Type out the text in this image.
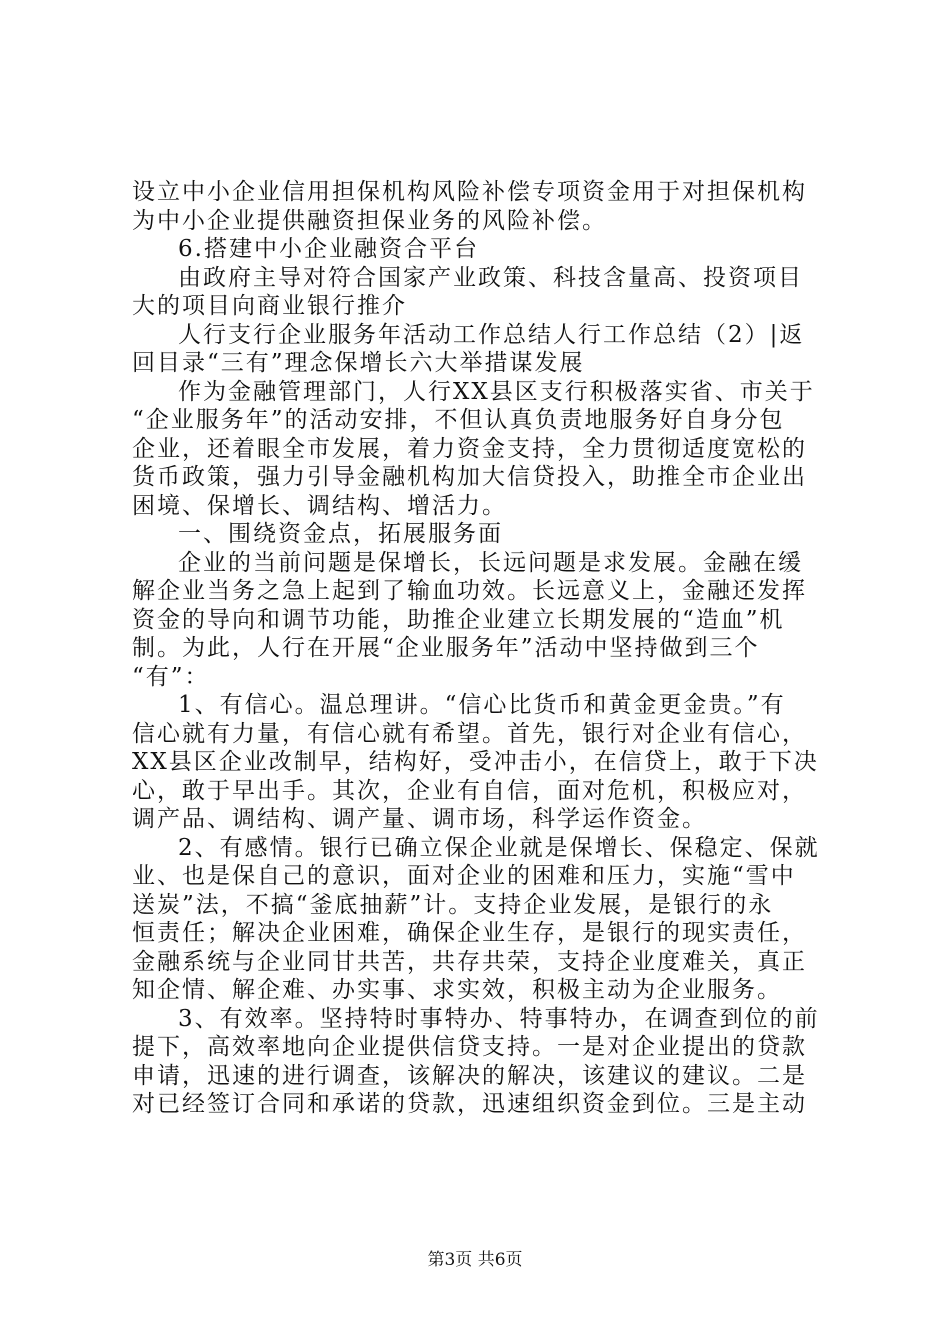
设立中小企业信用担保机构风险补偿专项资金用于对担保机构
为中小企业提供融资担保业务的风险补偿。
6.搭建中小企业融资合平台
由政府主导对符合国家产业政策、科技含量高、投资项目
大的项目向商业银行推介
人行支行企业服务年活动工作总结人行工作总结（2）|返
回目录“三有”理念保增长六大举措谋发展
作为金融管理部门，人行XX县区支行积极落实省、市关于
“企业服务年”的活动安排，不但认真负责地服务好自身分包
企业，还着眼全市发展，着力资金支持，全力贯彻适度宽松的
货币政策，强力引导金融机构加大信贷投入，助推全市企业出
困境、保增长、调结构、增活力。
一、围绕资金点，拓展服务面
企业的当前问题是保增长，长远问题是求发展。金融在缓
解企业当务之急上起到了输血功效。长远意义上，金融还发挥
资金的导向和调节功能，助推企业建立长期发展的“造血”机
制。为此，人行在开展“企业服务年”活动中坚持做到三个
“有”：
1、有信心。温总理讲。“信心比货币和黄金更金贵。”有
信心就有力量，有信心就有希望。首先，银行对企业有信心，
XX县区企业改制早，结构好，受冲击小，在信贷上，敢于下决
心，敢于早出手。其次，企业有自信，面对危机，积极应对，
调产品、调结构、调产量、调市场，科学运作资金。
2、有感情。银行已确立保企业就是保增长、保稳定、保就
业、也是保自己的意识，面对企业的困难和压力，实施“雪中
送炭”法，不搞“釜底抽薪”计。支持企业发展，是银行的永
恒责任；解决企业困难，确保企业生存，是银行的现实责任，
金融系统与企业同甘共苦，共存共荣，支持企业度难关，真正
知企情、解企难、办实事、求实效，积极主动为企业服务。
3、有效率。坚持特时事特办、特事特办，在调查到位的前
提下，高效率地向企业提供信贷支持。一是对企业提出的贷款
申请，迅速的进行调查，该解决的解决，该建议的建议。二是
对已经签订合同和承诺的贷款，迅速组织资金到位。三是主动
第3页 共6页
